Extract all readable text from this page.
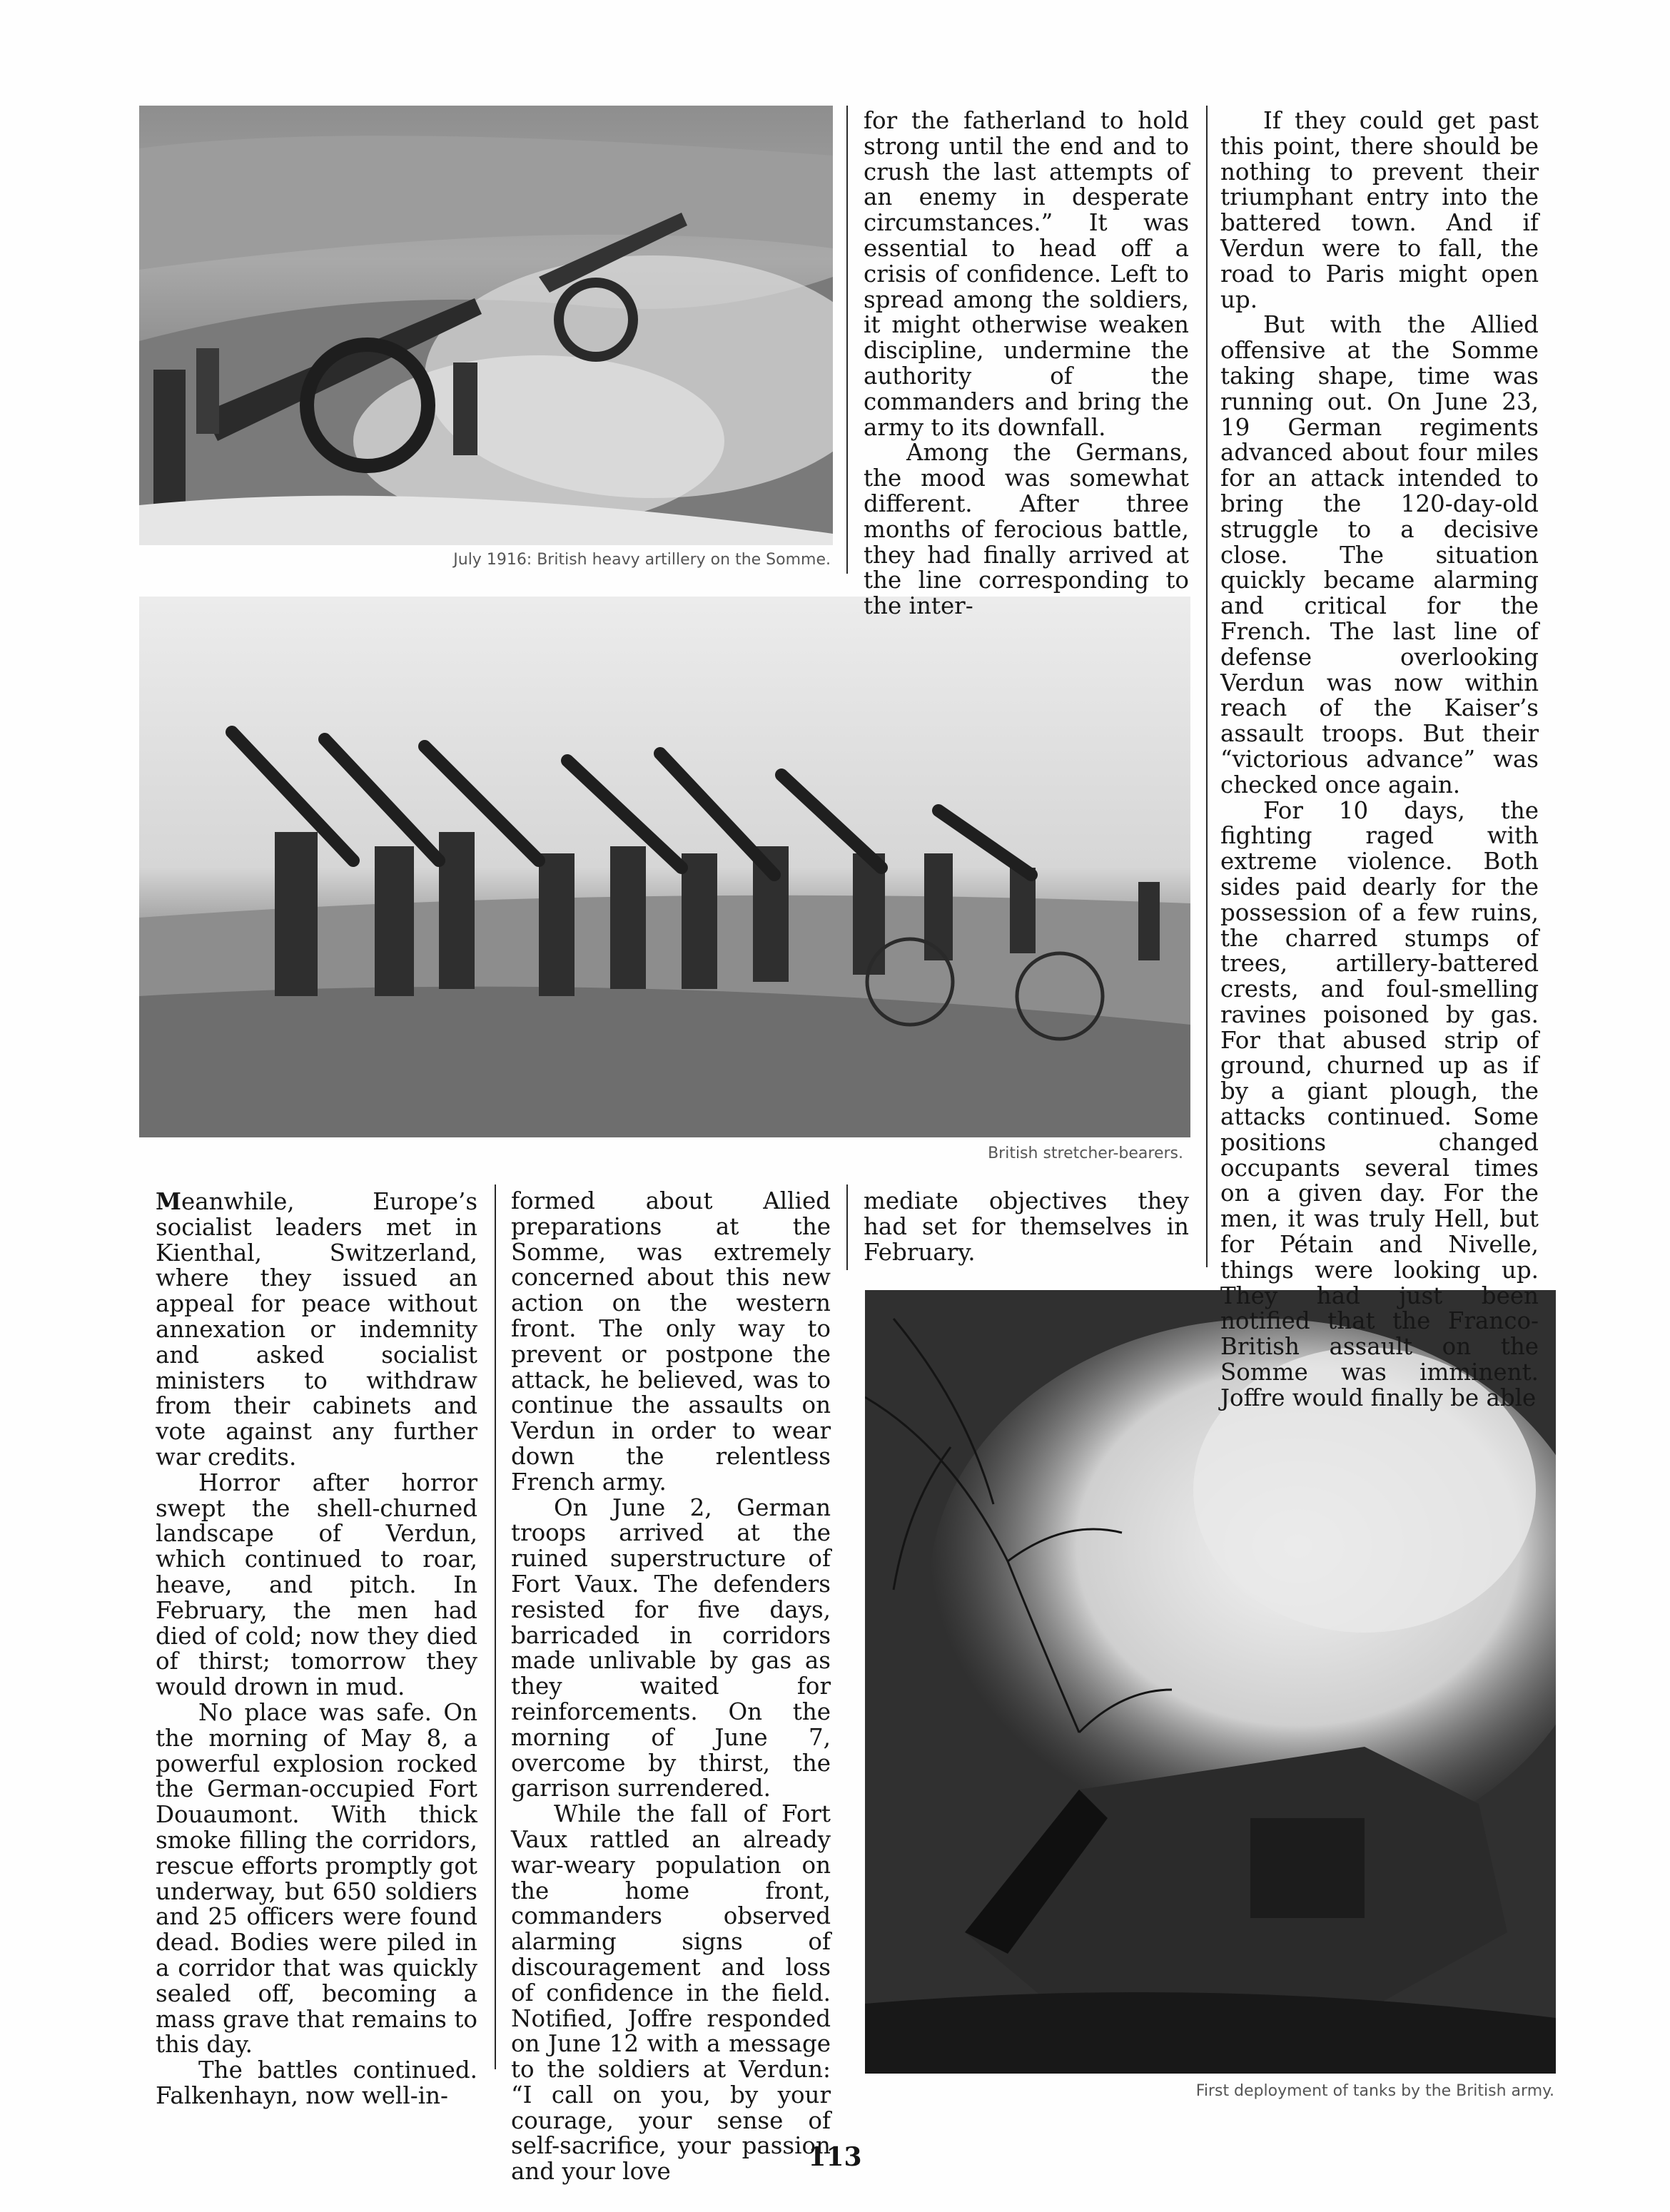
July 1916: British heavy artillery on the Somme.
British stretcher-bearers.
First deployment of tanks by the British army.

for the fatherland to hold strong until the end and to crush the last attempts of an enemy in desperate circumstances.” It was essential to head off a crisis of confidence. Left to spread among the soldiers, it might otherwise weaken discipline, undermine the authority of the commanders and bring the army to its downfall.

Among the Germans, the mood was somewhat different. After three months of ferocious battle, they had finally arrived at the line corresponding to the inter-

If they could get past this point, there should be nothing to prevent their triumphant entry into the battered town. And if Verdun were to fall, the road to Paris might open up.

But with the Allied offensive at the Somme taking shape, time was running out. On June 23, 19 German regiments advanced about four miles for an attack intended to bring the 120-day-old struggle to a decisive close. The situation quickly became alarming and critical for the French. The last line of defense overlooking Verdun was now within reach of the Kaiser’s assault troops. But their “victorious advance” was checked once again.

For 10 days, the fighting raged with extreme violence. Both sides paid dearly for the possession of a few ruins, the charred stumps of trees, artillery-battered crests, and foul-smelling ravines poisoned by gas. For that abused strip of ground, churned up as if by a giant plough, the attacks continued. Some positions changed occupants several times on a given day. For the men, it was truly Hell, but for Pétain and Nivelle, things were looking up. They had just been notified that the Franco-British assault on the Somme was imminent. Joffre would finally be able

Meanwhile, Europe’s socialist leaders met in Kienthal, Switzerland, where they issued an appeal for peace without annexation or indemnity and asked socialist ministers to withdraw from their cabinets and vote against any further war credits.

Horror after horror swept the shell-churned landscape of Verdun, which continued to roar, heave, and pitch. In February, the men had died of cold; now they died of thirst; tomorrow they would drown in mud.

No place was safe. On the morning of May 8, a powerful explosion rocked the German-occupied Fort Douaumont. With thick smoke filling the corridors, rescue efforts promptly got underway, but 650 soldiers and 25 officers were found dead. Bodies were piled in a corridor that was quickly sealed off, becoming a mass grave that remains to this day.

The battles continued. Falkenhayn, now well-in-

formed about Allied preparations at the Somme, was extremely concerned about this new action on the western front. The only way to prevent or postpone the attack, he believed, was to continue the assaults on Verdun in order to wear down the relentless French army.

On June 2, German troops arrived at the ruined superstructure of Fort Vaux. The defenders resisted for five days, barricaded in corridors made unlivable by gas as they waited for reinforcements. On the morning of June 7, overcome by thirst, the garrison surrendered.

While the fall of Fort Vaux rattled an already war-weary population on the home front, commanders observed alarming signs of discouragement and loss of confidence in the field. Notified, Joffre responded on June 12 with a message to the soldiers at Verdun: “I call on you, by your courage, your sense of self-sacrifice, your passion and your love

mediate objectives they had set for themselves in February.

113
